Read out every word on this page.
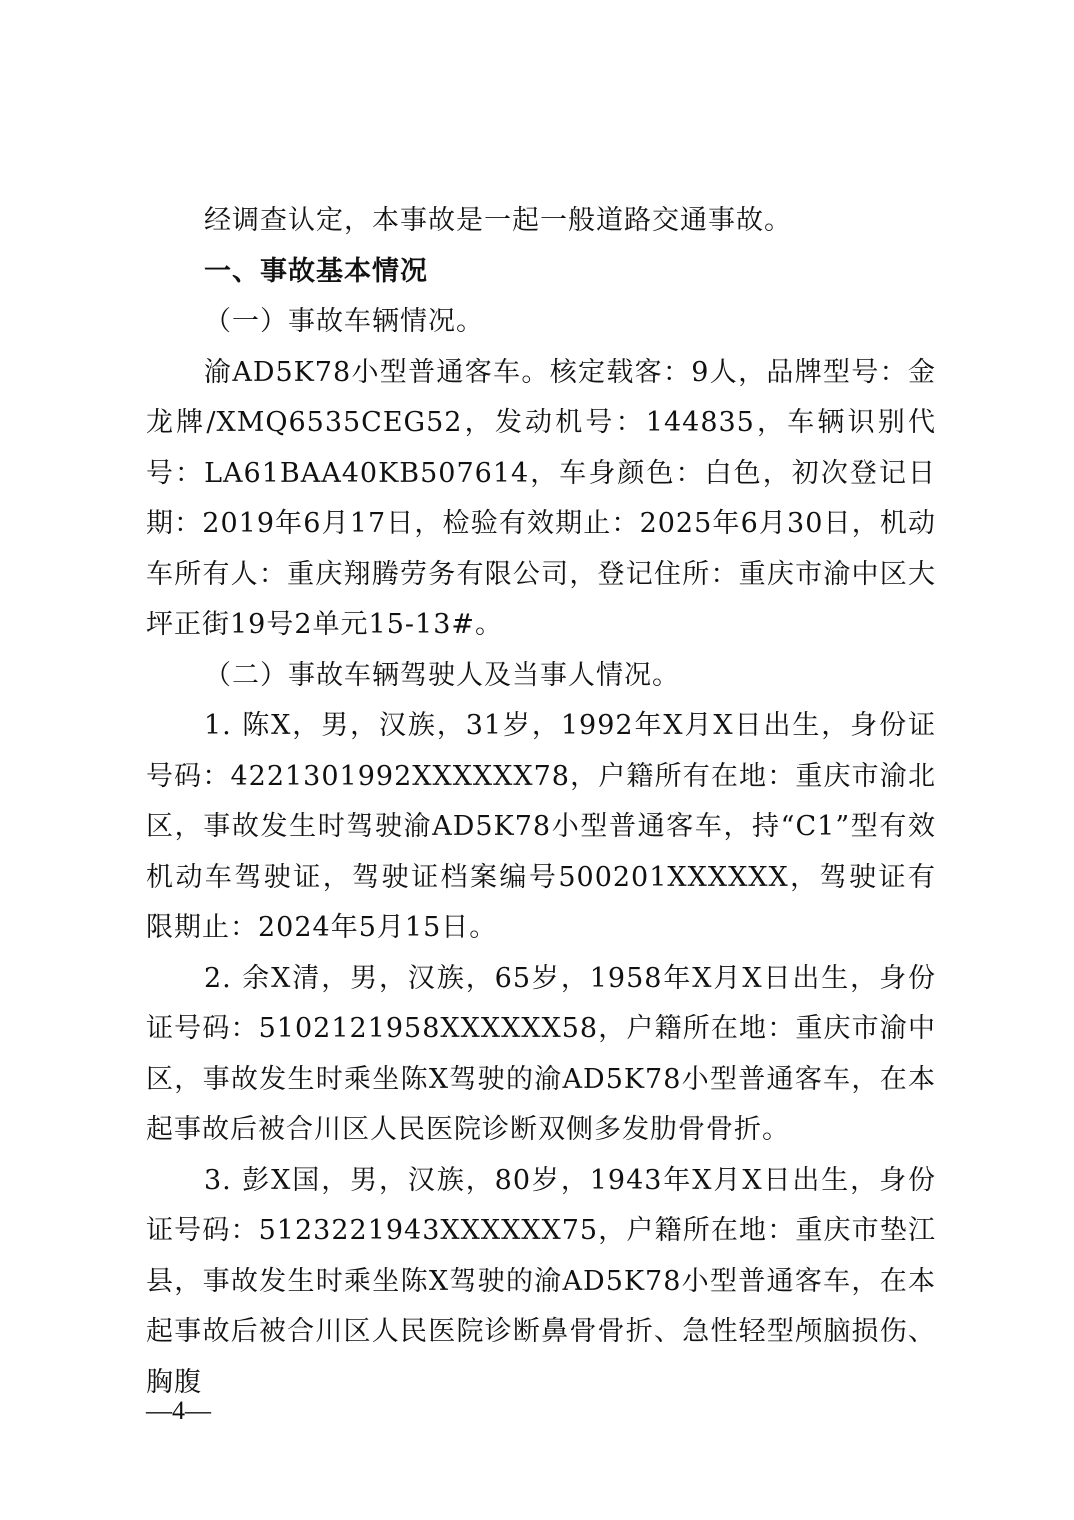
经调查认定，本事故是一起一般道路交通事故。

一、事故基本情况

（一）事故车辆情况。

渝AD5K78小型普通客车。核定载客：9人，品牌型号：金龙牌/XMQ6535CEG52，发动机号：144835，车辆识别代号：LA61BAA40KB507614，车身颜色：白色，初次登记日期：2019年6月17日，检验有效期止：2025年6月30日，机动车所有人：重庆翔腾劳务有限公司，登记住所：重庆市渝中区大坪正街19号2单元15-13#。

（二）事故车辆驾驶人及当事人情况。

1. 陈X，男，汉族，31岁，1992年X月X日出生，身份证号码：4221301992XXXXXX78，户籍所有在地：重庆市渝北区，事故发生时驾驶渝AD5K78小型普通客车，持“C1”型有效机动车驾驶证，驾驶证档案编号500201XXXXXX，驾驶证有限期止：2024年5月15日。

2. 余X清，男，汉族，65岁，1958年X月X日出生，身份证号码：5102121958XXXXXX58，户籍所在地：重庆市渝中区，事故发生时乘坐陈X驾驶的渝AD5K78小型普通客车，在本起事故后被合川区人民医院诊断双侧多发肋骨骨折。

3. 彭X国，男，汉族，80岁，1943年X月X日出生，身份证号码：5123221943XXXXXX75，户籍所在地：重庆市垫江县，事故发生时乘坐陈X驾驶的渝AD5K78小型普通客车，在本起事故后被合川区人民医院诊断鼻骨骨折、急性轻型颅脑损伤、胸腹

—4—
